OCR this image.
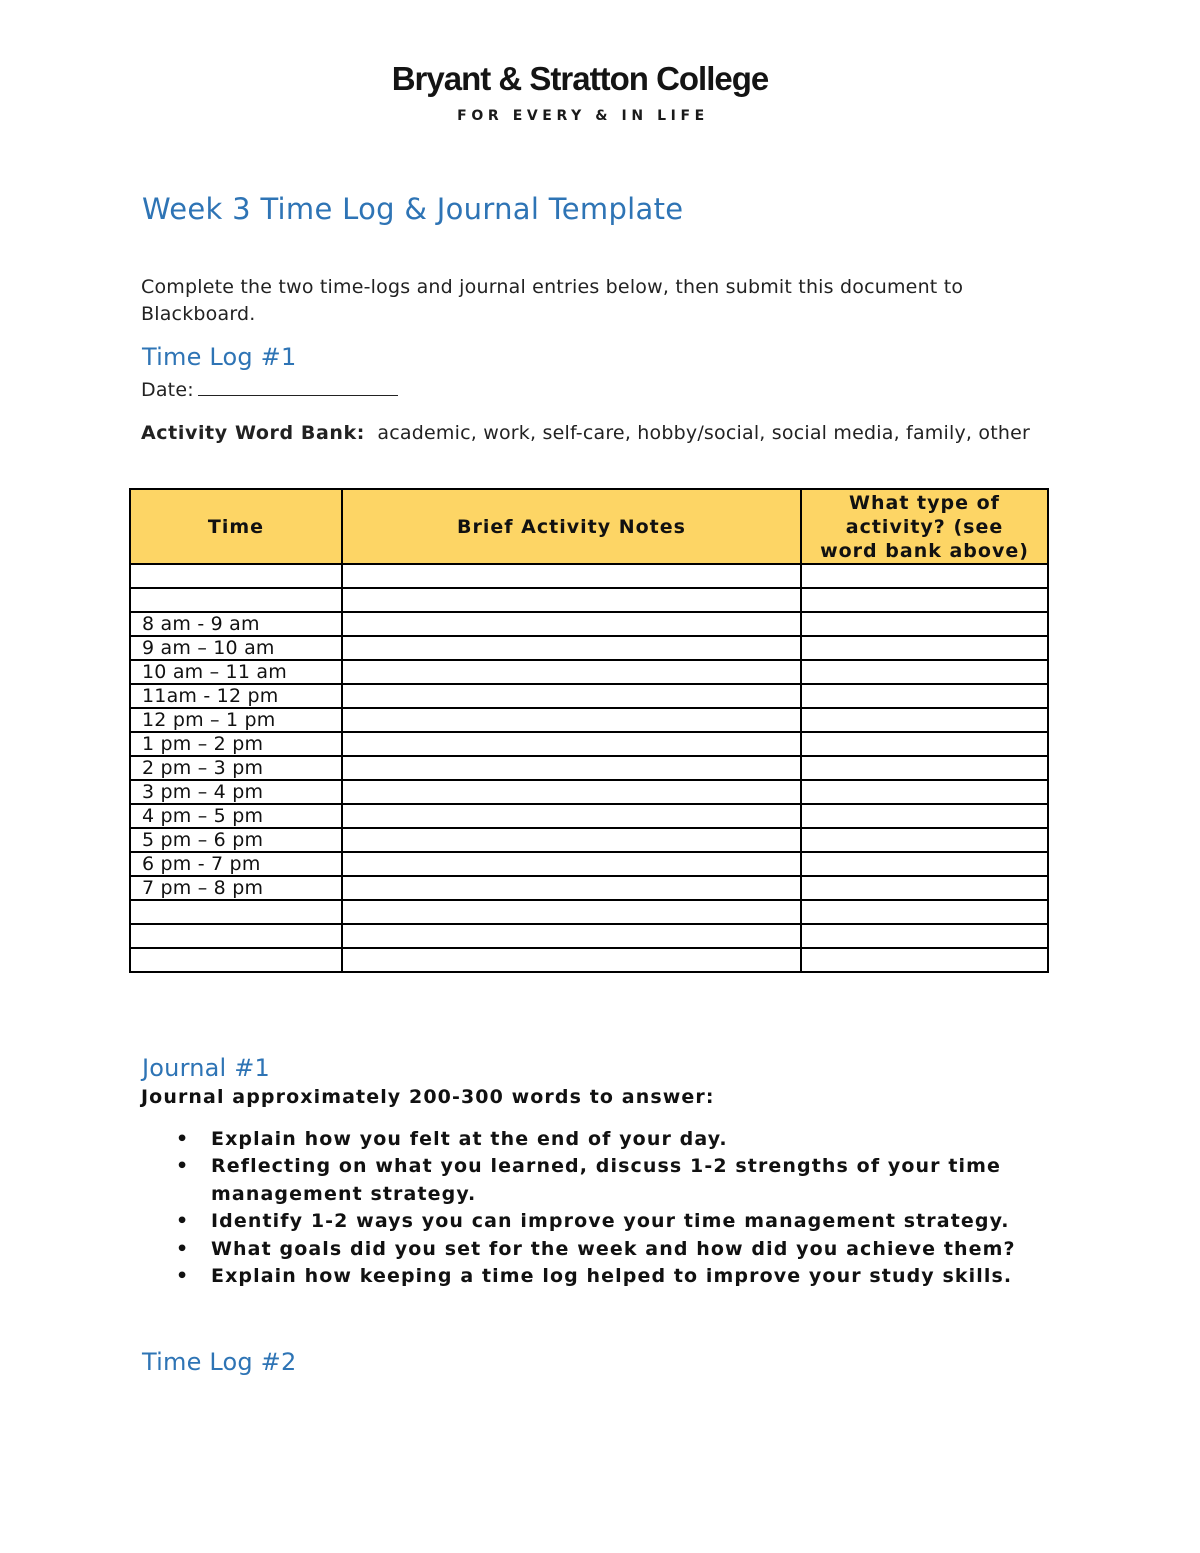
Bryant & Stratton College
FOR EVERY & IN LIFE
Week 3 Time Log & Journal Template
Complete the two time-logs and journal entries below, then submit this document to Blackboard.
Time Log #1
Date:
Activity Word Bank: academic, work, self-care, hobby/social, social media, family, other
Time	Brief Activity Notes	What type of activity? (see word bank above)

8 am - 9 am		
9 am – 10 am		
10 am – 11 am		
11am - 12 pm		
12 pm – 1 pm		
1 pm – 2 pm		
2 pm – 3 pm		
3 pm – 4 pm		
4 pm – 5 pm		
5 pm – 6 pm		
6 pm - 7 pm		
7 pm – 8 pm		

Journal #1
Journal approximately 200-300 words to answer:
• Explain how you felt at the end of your day.
• Reflecting on what you learned, discuss 1-2 strengths of your time management strategy.
• Identify 1-2 ways you can improve your time management strategy.
• What goals did you set for the week and how did you achieve them?
• Explain how keeping a time log helped to improve your study skills.
Time Log #2
